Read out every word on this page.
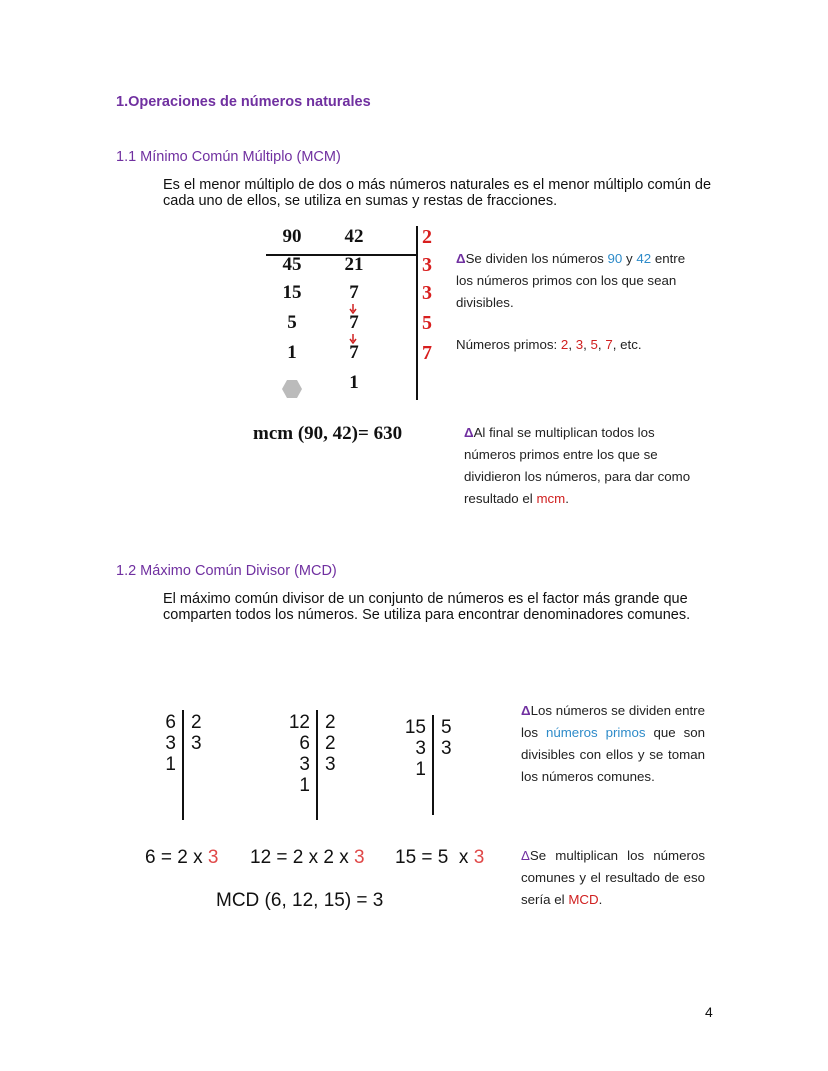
1.Operaciones de números naturales
1.1 Mínimo Común Múltiplo (MCM)
Es el menor múltiplo de dos o más números naturales es el menor múltiplo común de cada uno de ellos, se utiliza en sumas y restas de fracciones.
90
45
15
5
1
42
21
7
7
7
1
2
3
3
5
7
ΔSe dividen los números 90 y 42 entre los números primos con los que sean divisibles.
Números primos: 2, 3, 5, 7, etc.
mcm (90, 42)= 630	ΔAl final se multiplican todos los números primos entre los que se dividieron los números, para dar como resultado el mcm.
1.2 Máximo Común Divisor (MCD)
El máximo común divisor de un conjunto de números es el factor más grande que comparten todos los números. Se utiliza para encontrar denominadores comunes.
6
3
1
2
3
12
6
3
1
2
2
3
15
3
1
5
3
ΔLos números se dividen entre los números primos que son divisibles con ellos y se toman los números comunes.
6 = 2 x 3 12 = 2 x 2 x 3 15 = 5  x 3
MCD (6, 12, 15) = 3
ΔSe multiplican los números comunes y el resultado de eso sería el MCD.
4
